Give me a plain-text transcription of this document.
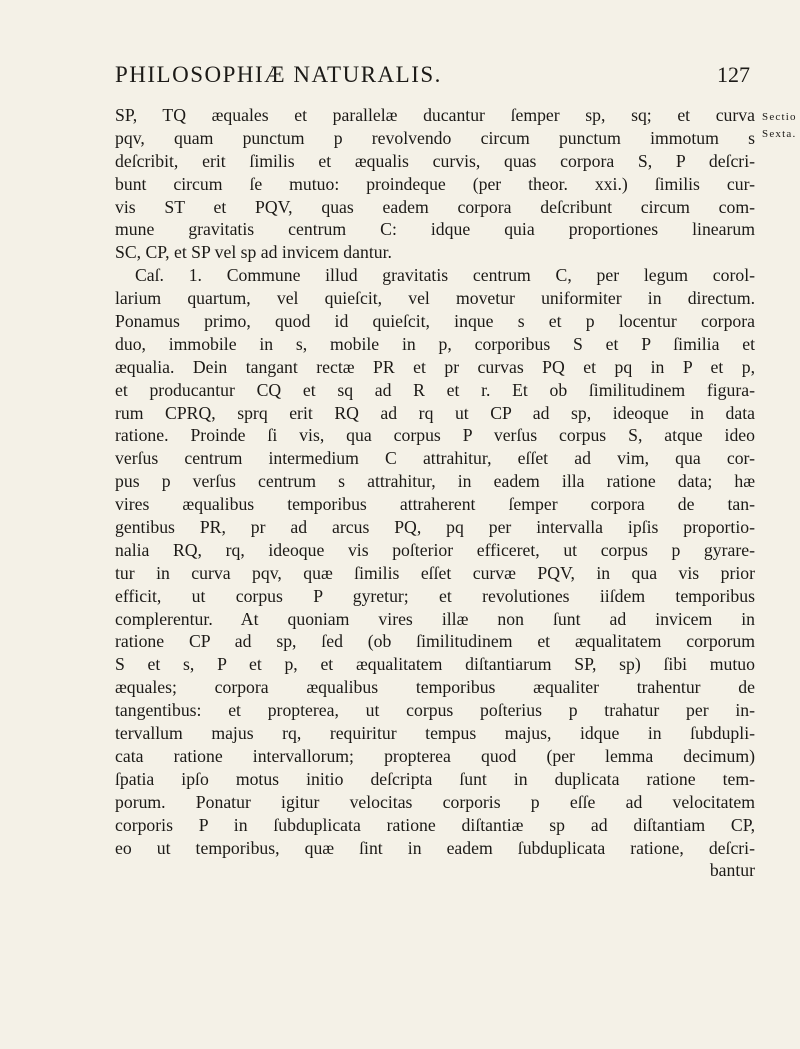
PHILOSOPHIÆ NATURALIS.	127
Sectio
Sexta.
SP, TQ æquales et parallelæ ducantur ſemper sp, sq; et curva
pqv, quam punctum p revolvendo circum punctum immotum s
deſcribit, erit ſimilis et æqualis curvis, quas corpora S, P deſcri-
bunt circum ſe mutuo: proindeque (per theor. xxi.) ſimilis cur-
vis ST et PQV, quas eadem corpora deſcribunt circum com-
mune gravitatis centrum C: idque quia proportiones linearum
SC, CP, et SP vel sp ad invicem dantur.
Caſ. 1. Commune illud gravitatis centrum C, per legum corol-
larium quartum, vel quieſcit, vel movetur uniformiter in directum.
Ponamus primo, quod id quieſcit, inque s et p locentur corpora
duo, immobile in s, mobile in p, corporibus S et P ſimilia et
æqualia. Dein tangant rectæ PR et pr curvas PQ et pq in P et p,
et producantur CQ et sq ad R et r. Et ob ſimilitudinem figura-
rum CPRQ, sprq erit RQ ad rq ut CP ad sp, ideoque in data
ratione. Proinde ſi vis, qua corpus P verſus corpus S, atque ideo
verſus centrum intermedium C attrahitur, eſſet ad vim, qua cor-
pus p verſus centrum s attrahitur, in eadem illa ratione data; hæ
vires æqualibus temporibus attraherent ſemper corpora de tan-
gentibus PR, pr ad arcus PQ, pq per intervalla ipſis proportio-
nalia RQ, rq, ideoque vis poſterior efficeret, ut corpus p gyrare-
tur in curva pqv, quæ ſimilis eſſet curvæ PQV, in qua vis prior
efficit, ut corpus P gyretur; et revolutiones iiſdem temporibus
complerentur. At quoniam vires illæ non ſunt ad invicem in
ratione CP ad sp, ſed (ob ſimilitudinem et æqualitatem corporum
S et s, P et p, et æqualitatem diſtantiarum SP, sp) ſibi mutuo
æquales; corpora æqualibus temporibus æqualiter trahentur de
tangentibus: et propterea, ut corpus poſterius p trahatur per in-
tervallum majus rq, requiritur tempus majus, idque in ſubdupli-
cata ratione intervallorum; propterea quod (per lemma decimum)
ſpatia ipſo motus initio deſcripta ſunt in duplicata ratione tem-
porum. Ponatur igitur velocitas corporis p eſſe ad velocitatem
corporis P in ſubduplicata ratione diſtantiæ sp ad diſtantiam CP,
eo ut temporibus, quæ ſint in eadem ſubduplicata ratione, deſcri-
bantur
